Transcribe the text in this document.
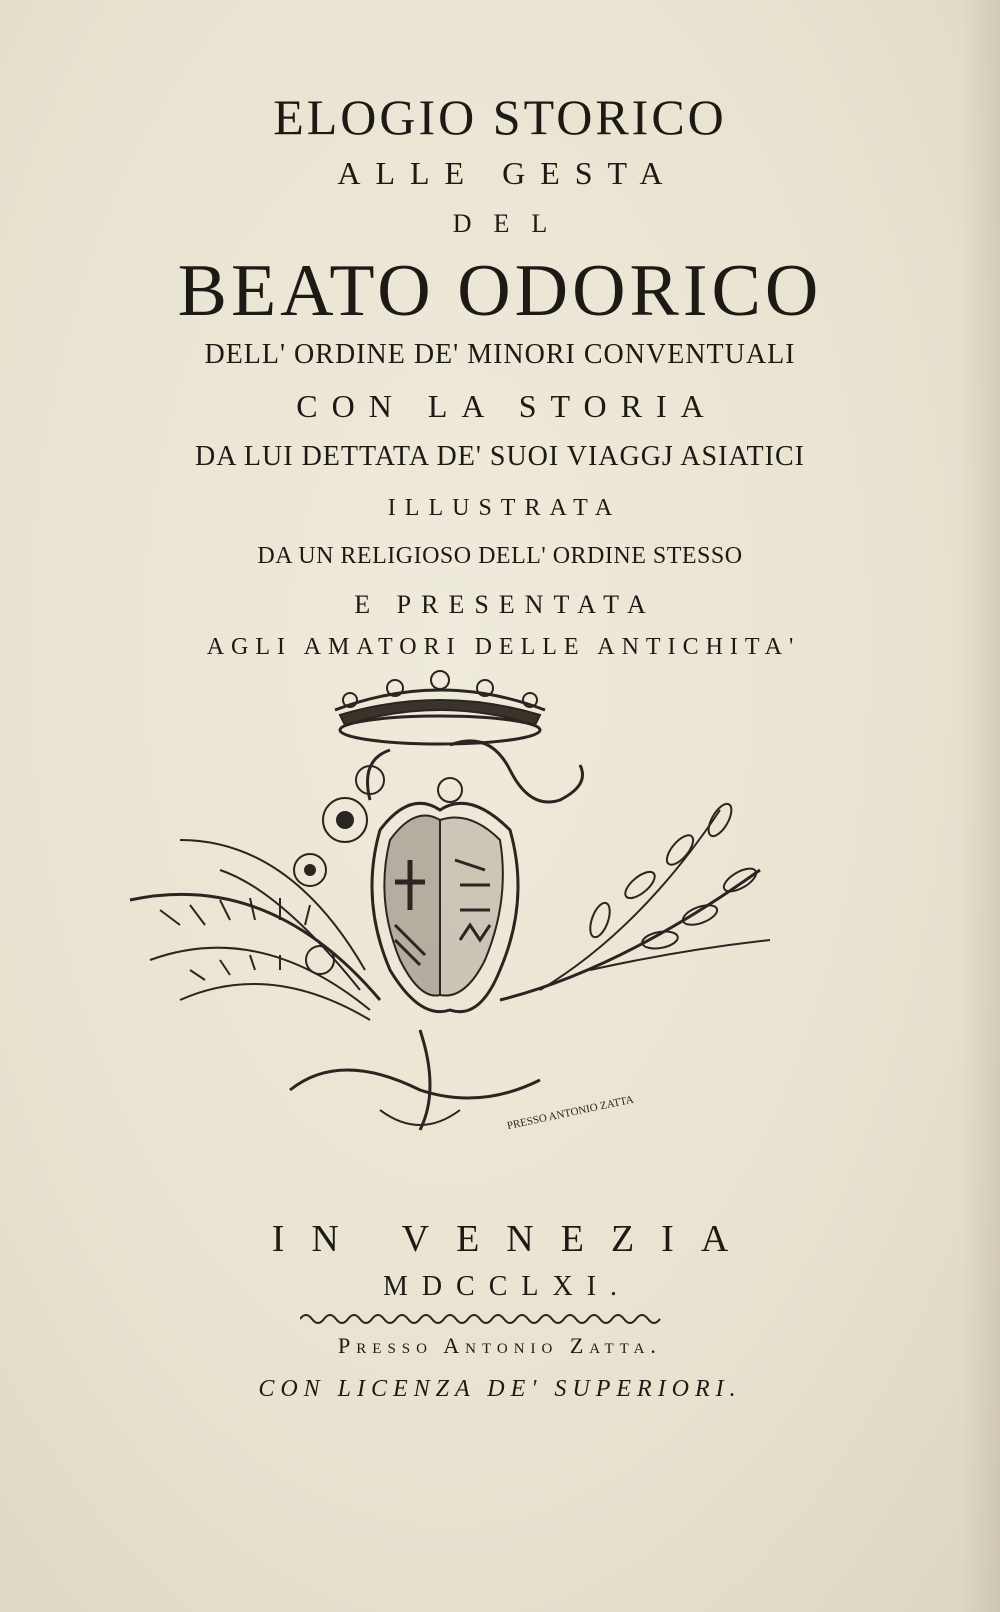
ELOGIO STORICO

ALLE GESTA

DEL

BEATO ODORICO

DELL' ORDINE DE' MINORI CONVENTUALI

CON LA STORIA

DA LUI DETTATA DE' SUOI VIAGGJ ASIATICI

ILLUSTRATA

DA UN RELIGIOSO DELL' ORDINE STESSO

E PRESENTATA

AGLI AMATORI DELLE ANTICHITA'

PRESSO ANTONIO ZATTA

IN VENEZIA

MDCCLXI.

Presso Antonio Zatta.

CON LICENZA DE' SUPERIORI.
